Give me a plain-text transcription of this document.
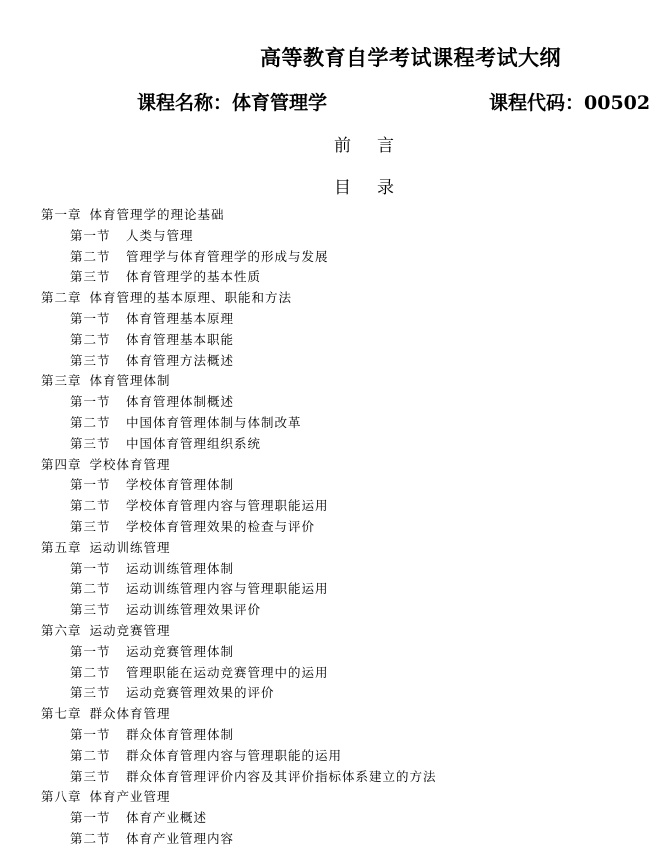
高等教育自学考试课程考试大纲
课程名称：体育管理学	课程代码：00502
前言
目录
第一章 体育管理学的理论基础
第一节 人类与管理
第二节 管理学与体育管理学的形成与发展
第三节 体育管理学的基本性质
第二章 体育管理的基本原理、职能和方法
第一节 体育管理基本原理
第二节 体育管理基本职能
第三节 体育管理方法概述
第三章 体育管理体制
第一节 体育管理体制概述
第二节 中国体育管理体制与体制改革
第三节 中国体育管理组织系统
第四章 学校体育管理
第一节 学校体育管理体制
第二节 学校体育管理内容与管理职能运用
第三节 学校体育管理效果的检查与评价
第五章 运动训练管理
第一节 运动训练管理体制
第二节 运动训练管理内容与管理职能运用
第三节 运动训练管理效果评价
第六章 运动竞赛管理
第一节 运动竞赛管理体制
第二节 管理职能在运动竞赛管理中的运用
第三节 运动竞赛管理效果的评价
第七章 群众体育管理
第一节 群众体育管理体制
第二节 群众体育管理内容与管理职能的运用
第三节 群众体育管理评价内容及其评价指标体系建立的方法
第八章 体育产业管理
第一节 体育产业概述
第二节 体育产业管理内容
